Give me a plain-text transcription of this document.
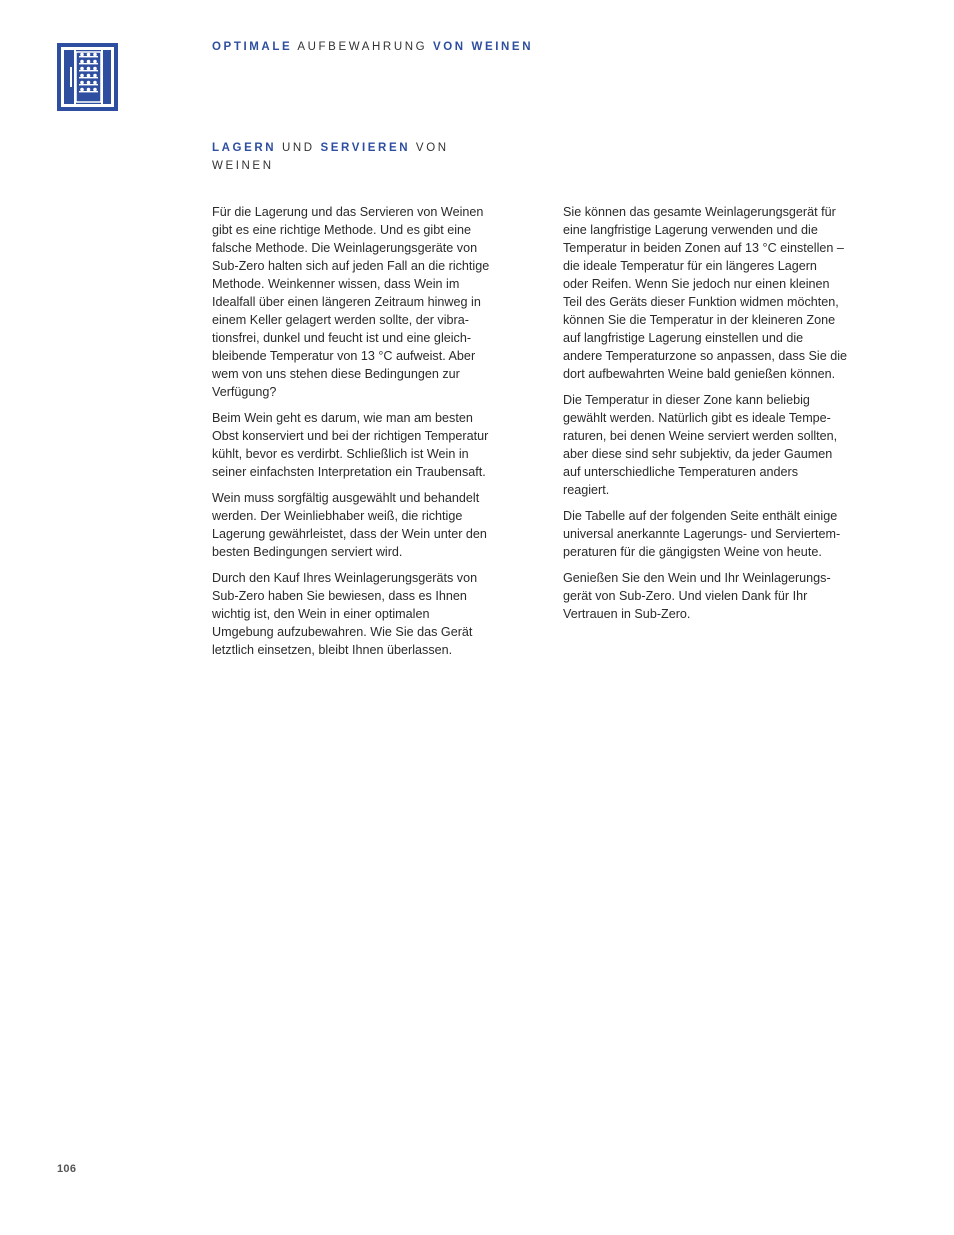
OPTIMALE AUFBEWAHRUNG VON WEINEN
LAGERN UND SERVIEREN VON WEINEN

Für die Lagerung und das Servieren von Weinen
gibt es eine richtige Methode. Und es gibt eine
falsche Methode. Die Weinlagerungsgeräte von
Sub-Zero halten sich auf jeden Fall an die richtige
Methode. Weinkenner wissen, dass Wein im
Idealfall über einen längeren Zeitraum hinweg in
einem Keller gelagert werden sollte, der vibra-
tionsfrei, dunkel und feucht ist und eine gleich-
bleibende Temperatur von 13 °C aufweist. Aber
wem von uns stehen diese Bedingungen zur
Verfügung?

Beim Wein geht es darum, wie man am besten
Obst konserviert und bei der richtigen Temperatur
kühlt, bevor es verdirbt. Schließlich ist Wein in
seiner einfachsten Interpretation ein Traubensaft.

Wein muss sorgfältig ausgewählt und behandelt
werden. Der Weinliebhaber weiß, die richtige
Lagerung gewährleistet, dass der Wein unter den
besten Bedingungen serviert wird.

Durch den Kauf Ihres Weinlagerungsgeräts von
Sub-Zero haben Sie bewiesen, dass es Ihnen
wichtig ist, den Wein in einer optimalen
Umgebung aufzubewahren. Wie Sie das Gerät
letztlich einsetzen, bleibt Ihnen überlassen.

Sie können das gesamte Weinlagerungsgerät für
eine langfristige Lagerung verwenden und die
Temperatur in beiden Zonen auf 13 °C einstellen –
die ideale Temperatur für ein längeres Lagern
oder Reifen. Wenn Sie jedoch nur einen kleinen
Teil des Geräts dieser Funktion widmen möchten,
können Sie die Temperatur in der kleineren Zone
auf langfristige Lagerung einstellen und die
andere Temperaturzone so anpassen, dass Sie die
dort aufbewahrten Weine bald genießen können.

Die Temperatur in dieser Zone kann beliebig
gewählt werden. Natürlich gibt es ideale Tempe-
raturen, bei denen Weine serviert werden sollten,
aber diese sind sehr subjektiv, da jeder Gaumen
auf unterschiedliche Temperaturen anders
reagiert.

Die Tabelle auf der folgenden Seite enthält einige
universal anerkannte Lagerungs- und Serviertem-
peraturen für die gängigsten Weine von heute.

Genießen Sie den Wein und Ihr Weinlagerungs-
gerät von Sub-Zero. Und vielen Dank für Ihr
Vertrauen in Sub-Zero.

106
